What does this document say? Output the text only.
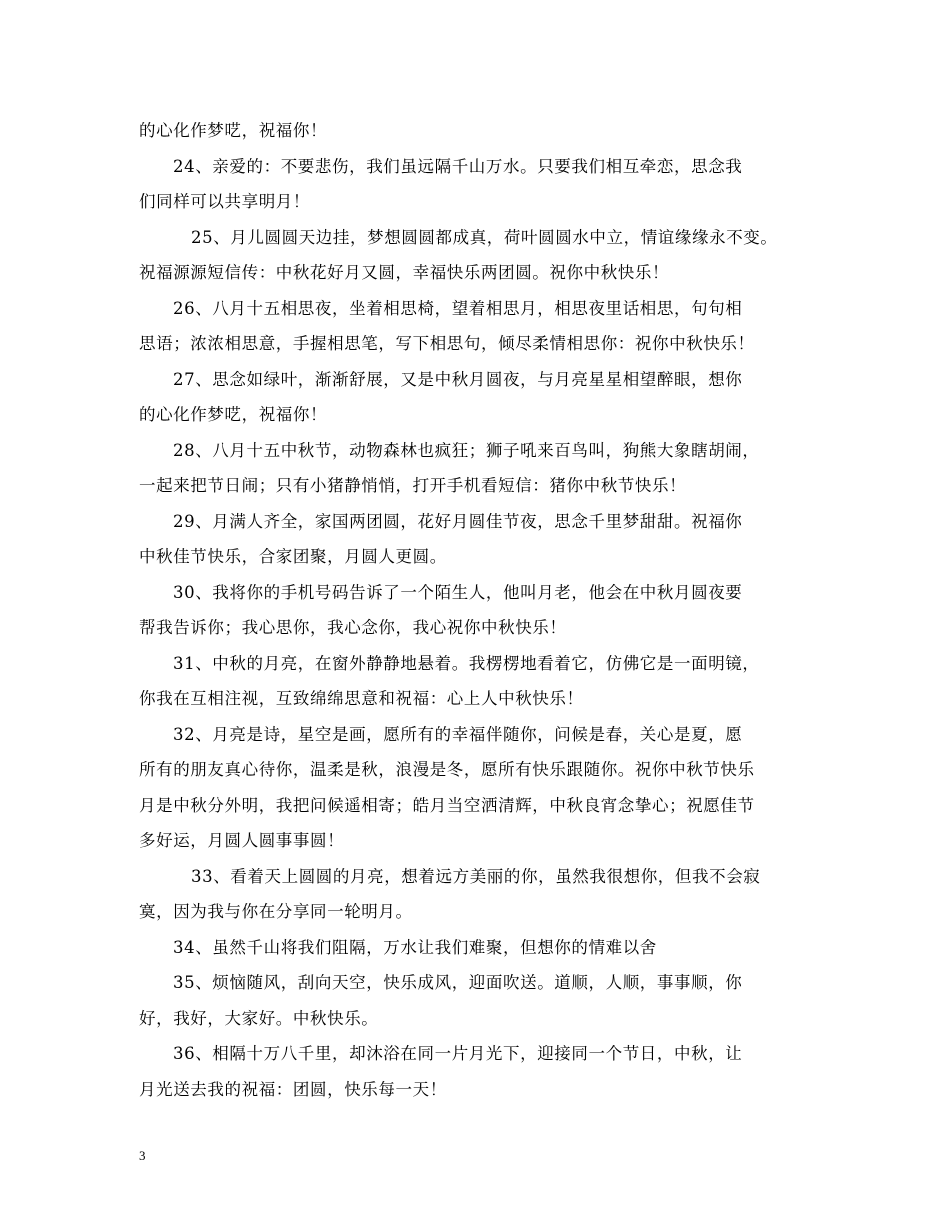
的心化作梦呓，祝福你！
24、亲爱的：不要悲伤，我们虽远隔千山万水。只要我们相互牵恋，思念我
们同样可以共享明月！
25、月儿圆圆天边挂，梦想圆圆都成真，荷叶圆圆水中立，情谊缘缘永不变。
祝福源源短信传：中秋花好月又圆，幸福快乐两团圆。祝你中秋快乐！
26、八月十五相思夜，坐着相思椅，望着相思月，相思夜里话相思，句句相
思语；浓浓相思意，手握相思笔，写下相思句，倾尽柔情相思你：祝你中秋快乐！
27、思念如绿叶，渐渐舒展，又是中秋月圆夜，与月亮星星相望醉眼，想你
的心化作梦呓，祝福你！
28、八月十五中秋节，动物森林也疯狂；狮子吼来百鸟叫，狗熊大象瞎胡闹，
一起来把节日闹；只有小猪静悄悄，打开手机看短信：猪你中秋节快乐！
29、月满人齐全，家国两团圆，花好月圆佳节夜，思念千里梦甜甜。祝福你
中秋佳节快乐，合家团聚，月圆人更圆。
30、我将你的手机号码告诉了一个陌生人，他叫月老，他会在中秋月圆夜要
帮我告诉你；我心思你，我心念你，我心祝你中秋快乐！
31、中秋的月亮，在窗外静静地悬着。我楞楞地看着它，仿佛它是一面明镜，
你我在互相注视，互致绵绵思意和祝福：心上人中秋快乐！
32、月亮是诗，星空是画，愿所有的幸福伴随你，问候是春，关心是夏，愿
所有的朋友真心待你，温柔是秋，浪漫是冬，愿所有快乐跟随你。祝你中秋节快乐
月是中秋分外明，我把问候遥相寄；皓月当空洒清辉，中秋良宵念挚心；祝愿佳节
多好运，月圆人圆事事圆！
33、看着天上圆圆的月亮，想着远方美丽的你，虽然我很想你，但我不会寂
寞，因为我与你在分享同一轮明月。
34、虽然千山将我们阻隔，万水让我们难聚，但想你的情难以舍
35、烦恼随风，刮向天空，快乐成风，迎面吹送。道顺，人顺，事事顺，你
好，我好，大家好。中秋快乐。
36、相隔十万八千里，却沐浴在同一片月光下，迎接同一个节日，中秋，让
月光送去我的祝福：团圆，快乐每一天！
3
